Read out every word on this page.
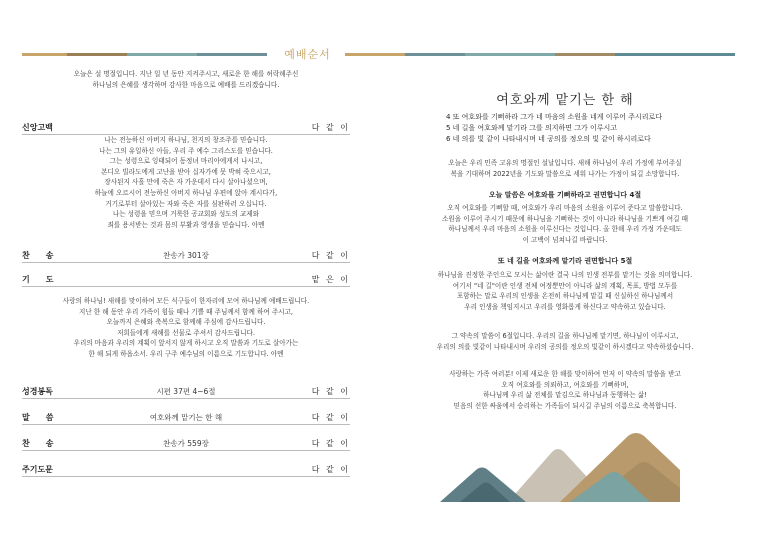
예배순서
오늘은 설 명절입니다. 지난 일 년 동안 지켜주시고, 새로운 한 해를 허락해주신
하나님의 은혜를 생각하며 감사한 마음으로 예배를 드리겠습니다.
신앙고백	다 같 이
나는 전능하신 아버지 하나님, 천지의 창조주를 믿습니다.
나는 그의 유일하신 아들, 우리 주 예수 그리스도를 믿습니다.
그는 성령으로 잉태되어 동정녀 마리아에게서 나시고,
본디오 빌라도에게 고난을 받아 십자가에 못 박혀 죽으시고,
장사된지 사흘 만에 죽은 자 가운데서 다시 살아나셨으며,
하늘에 오르시어 전능하신 아버지 하나님 우편에 앉아 계시다가,
거기로부터 살아있는 자와 죽은 자를 심판하러 오십니다.
나는 성령을 믿으며 거룩한 공교회와 성도의 교제와
죄를 용서받는 것과 몸의 부활과 영생을 믿습니다. 아멘
찬　　송	찬송가 301장	다 같 이
기　　도	맡 은 이
사랑의 하나님! 새해를 맞이하여 모든 식구들이 한자리에 모여 하나님께 예배드립니다.
지난 한 해 동안 우리 가족이 힘들 때나 기쁠 때 주님께서 함께 하여 주시고,
오늘까지 은혜와 축복으로 함께해 주심에 감사드립니다.
저희들에게 새해를 선물로 주셔서 감사드립니다.
우리의 마음과 우리의 계획이 앞서지 않게 하시고 오직 말씀과 기도로 살아가는
한 해 되게 하옵소서. 우리 구주 예수님의 이름으로 기도합니다. 아멘
성경봉독	시편 37편 4~6절	다 같 이
말　　씀	여호와께 맡기는 한 해	다 같 이
찬　　송	찬송가 559장	다 같 이
주기도문	다 같 이
여호와께 맡기는 한 해
4 또 여호와를 기뻐하라 그가 네 마음의 소원을 네게 이루어 주시리로다
5 네 길을 여호와께 맡기라 그를 의지하면 그가 이루시고
6 네 의를 빛 같이 나타내시며 네 공의를 정오의 빛 같이 하시리로다
오늘은 우리 민족 고유의 명절인 설날입니다. 새해 하나님이 우리 가정에 부어주실
복을 기대하며 2022년을 기도와 말씀으로 세워 나가는 가정이 되길 소망합니다.
오늘 말씀은 여호와를 기뻐하라고 권면합니다 4절
오직 여호와를 기뻐할 때, 여호와가 우리 마음의 소원을 이루어 준다고 말씀합니다.
소원을 이루어 주시기 때문에 하나님을 기뻐하는 것이 아니라 하나님을 기쁘게 여길 때
하나님께서 우리 마음의 소원을 이루신다는 것입니다. 올 한해 우리 가정 가운데도
이 고백이 넘쳐나길 바랍니다.
또 네 길을 여호와께 맡기라 권면합니다 5절
하나님을 진정한 주인으로 모시는 삶이란 결국 나의 인생 전부를 맡기는 것을 의미합니다.
여기서 "네 길"이란 인생 전체 여정뿐만이 아니라 삶의 계획, 목표, 방법 모두를
포함하는 말로 우리의 인생을 온전히 하나님께 맡길 때 신실하신 하나님께서
우리 인생을 책임지시고 우리를 영화롭게 하신다고 약속하고 있습니다.
그 약속의 말씀이 6절입니다. 우리의 길을 하나님께 맡기면, 하나님이 이루시고,
우리의 의를 빛같이 나타내시며 우리의 공의를 정오의 빛같이 하시겠다고 약속하셨습니다.
사랑하는 가족 여러분! 이제 새로운 한 해를 맞이하여 먼저 이 약속의 말씀을 받고
오직 여호와를 의뢰하고, 여호와를 기뻐하며,
하나님께 우리 삶 전체를 맡김으로 하나님과 동행하는 삶!
믿음의 선한 싸움에서 승리하는 가족들이 되시길 주님의 이름으로 축복합니다.
